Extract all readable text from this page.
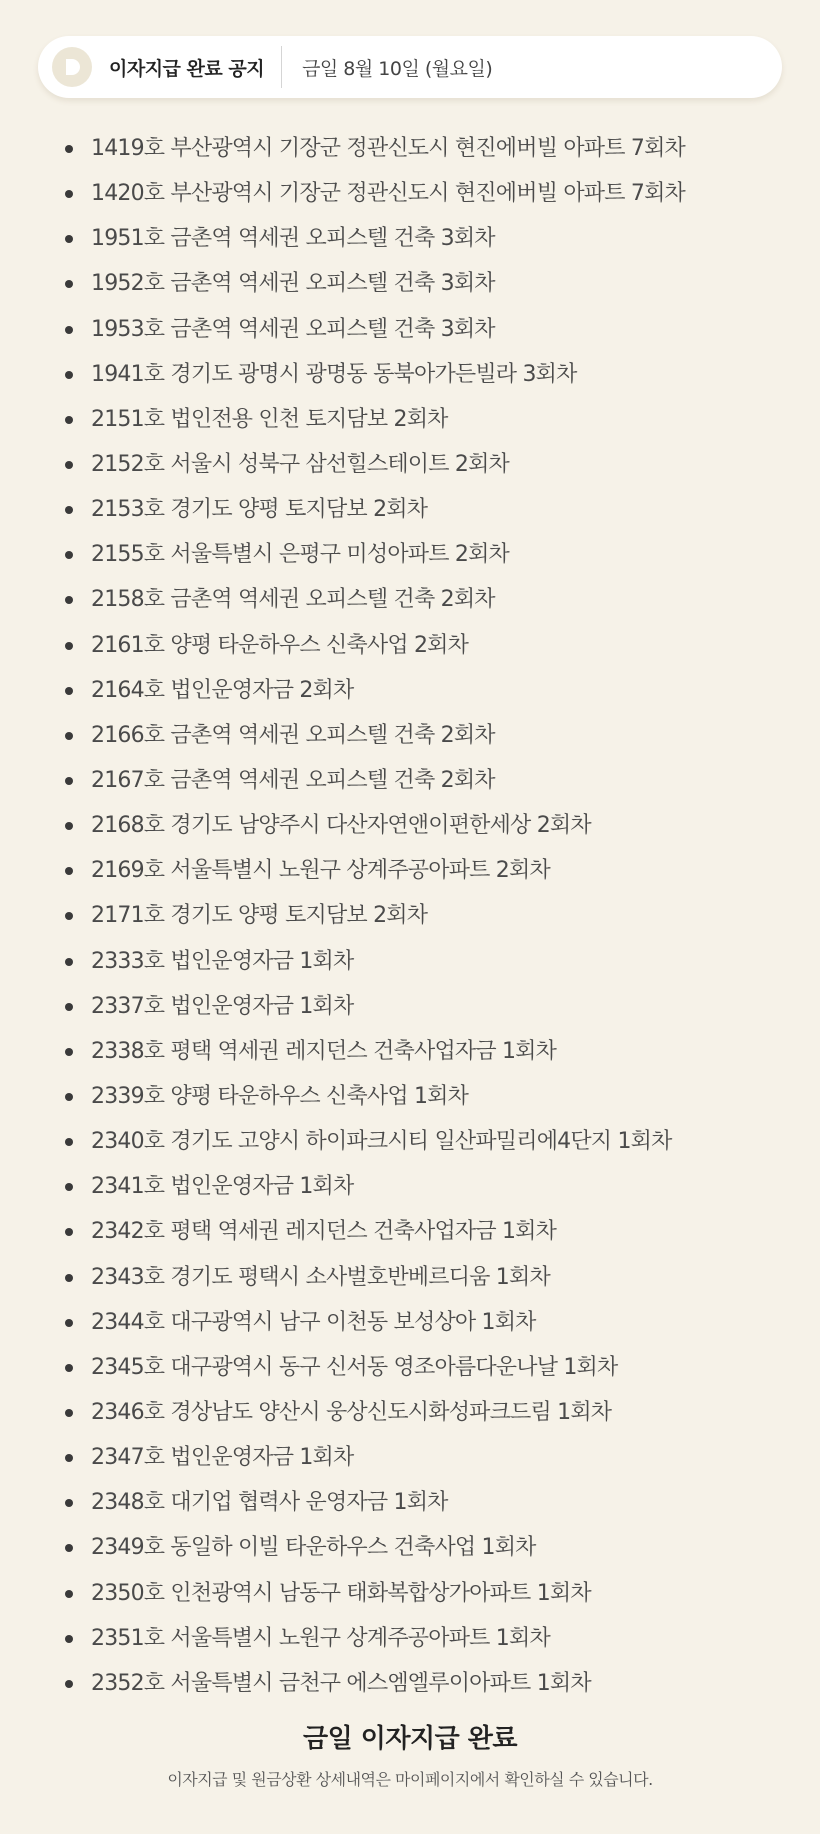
이자지급 완료 공지 금일 8월 10일 (월요일)
1419호 부산광역시 기장군 정관신도시 현진에버빌 아파트 7회차
1420호 부산광역시 기장군 정관신도시 현진에버빌 아파트 7회차
1951호 금촌역 역세권 오피스텔 건축 3회차
1952호 금촌역 역세권 오피스텔 건축 3회차
1953호 금촌역 역세권 오피스텔 건축 3회차
1941호 경기도 광명시 광명동 동북아가든빌라 3회차
2151호 법인전용 인천 토지담보 2회차
2152호 서울시 성북구 삼선힐스테이트 2회차
2153호 경기도 양평 토지담보 2회차
2155호 서울특별시 은평구 미성아파트 2회차
2158호 금촌역 역세권 오피스텔 건축 2회차
2161호 양평 타운하우스 신축사업 2회차
2164호 법인운영자금 2회차
2166호 금촌역 역세권 오피스텔 건축 2회차
2167호 금촌역 역세권 오피스텔 건축 2회차
2168호 경기도 남양주시 다산자연앤이편한세상 2회차
2169호 서울특별시 노원구 상계주공아파트 2회차
2171호 경기도 양평 토지담보 2회차
2333호 법인운영자금 1회차
2337호 법인운영자금 1회차
2338호 평택 역세권 레지던스 건축사업자금 1회차
2339호 양평 타운하우스 신축사업 1회차
2340호 경기도 고양시 하이파크시티 일산파밀리에4단지 1회차
2341호 법인운영자금 1회차
2342호 평택 역세권 레지던스 건축사업자금 1회차
2343호 경기도 평택시 소사벌호반베르디움 1회차
2344호 대구광역시 남구 이천동 보성상아 1회차
2345호 대구광역시 동구 신서동 영조아름다운나날 1회차
2346호 경상남도 양산시 웅상신도시화성파크드림 1회차
2347호 법인운영자금 1회차
2348호 대기업 협력사 운영자금 1회차
2349호 동일하 이빌 타운하우스 건축사업 1회차
2350호 인천광역시 남동구 태화복합상가아파트 1회차
2351호 서울특별시 노원구 상계주공아파트 1회차
2352호 서울특별시 금천구 에스엠엘루이아파트 1회차
금일 이자지급 완료
이자지급 및 원금상환 상세내역은 마이페이지에서 확인하실 수 있습니다.
